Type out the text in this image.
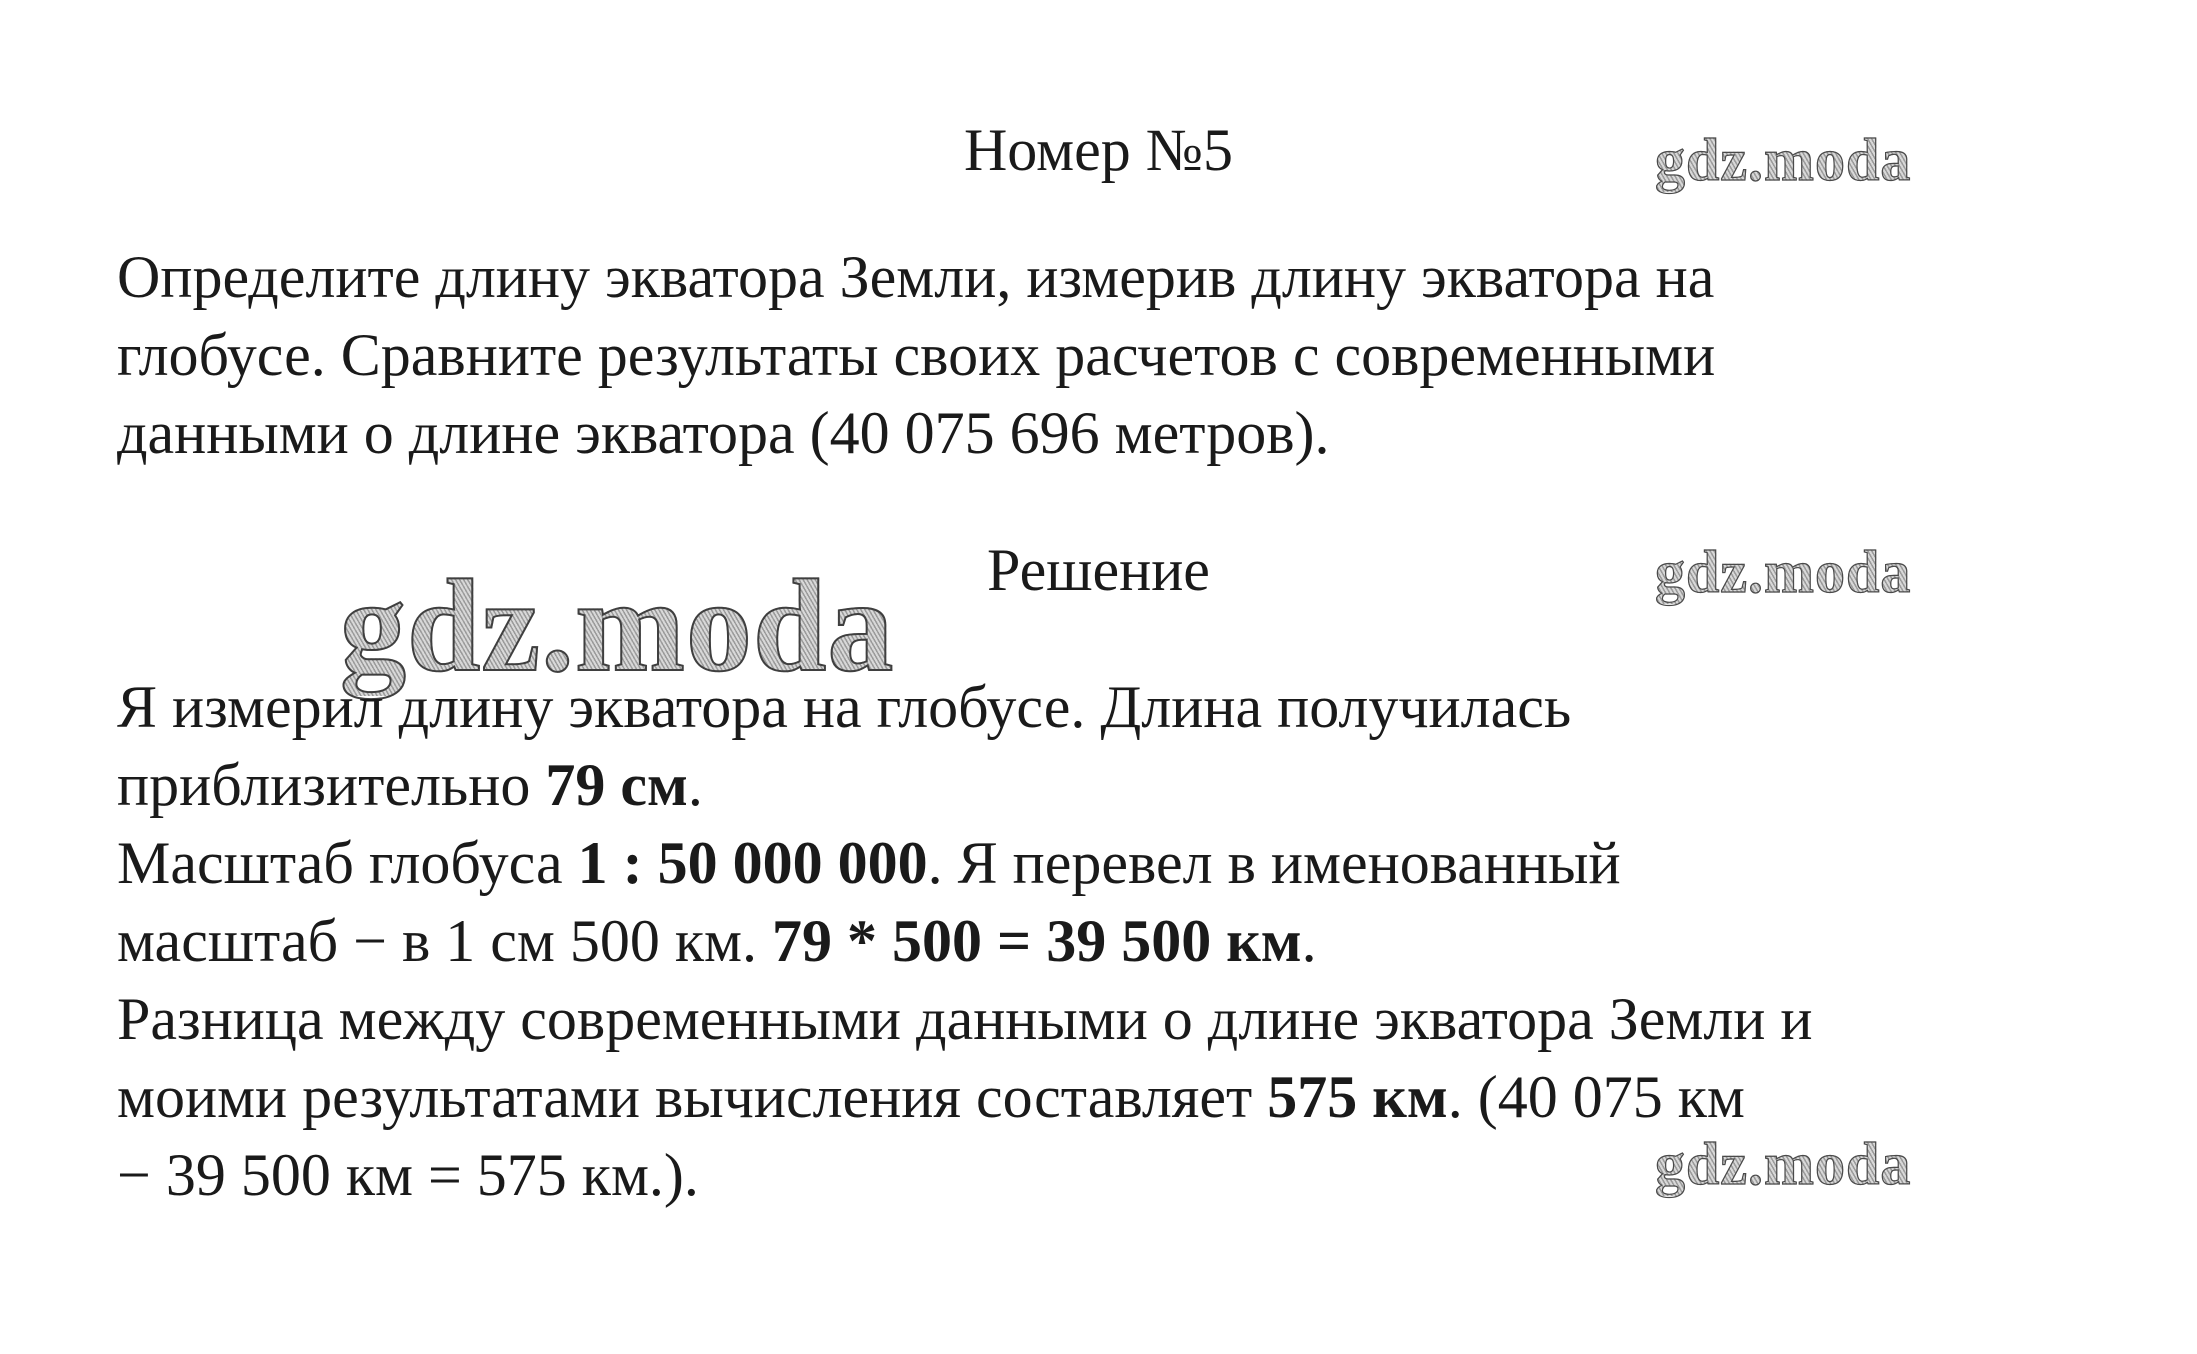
Номер №5	gdz.moda
Определите длину экватора Земли, измерив длину экватора на
глобусе. Сравните результаты своих расчетов с современными
данными о длине экватора (40 075 696 метров).
Решение	gdz.moda
gdz.moda
Я измерил длину экватора на глобусе. Длина получилась
приблизительно 79 см.
Масштаб глобуса 1 : 50 000 000. Я перевел в именованный
масштаб − в 1 см 500 км. 79 * 500 = 39 500 км.
Разница между современными данными о длине экватора Земли и
моими результатами вычисления составляет 575 км. (40 075 км
− 39 500 км = 575 км.).	gdz.moda
